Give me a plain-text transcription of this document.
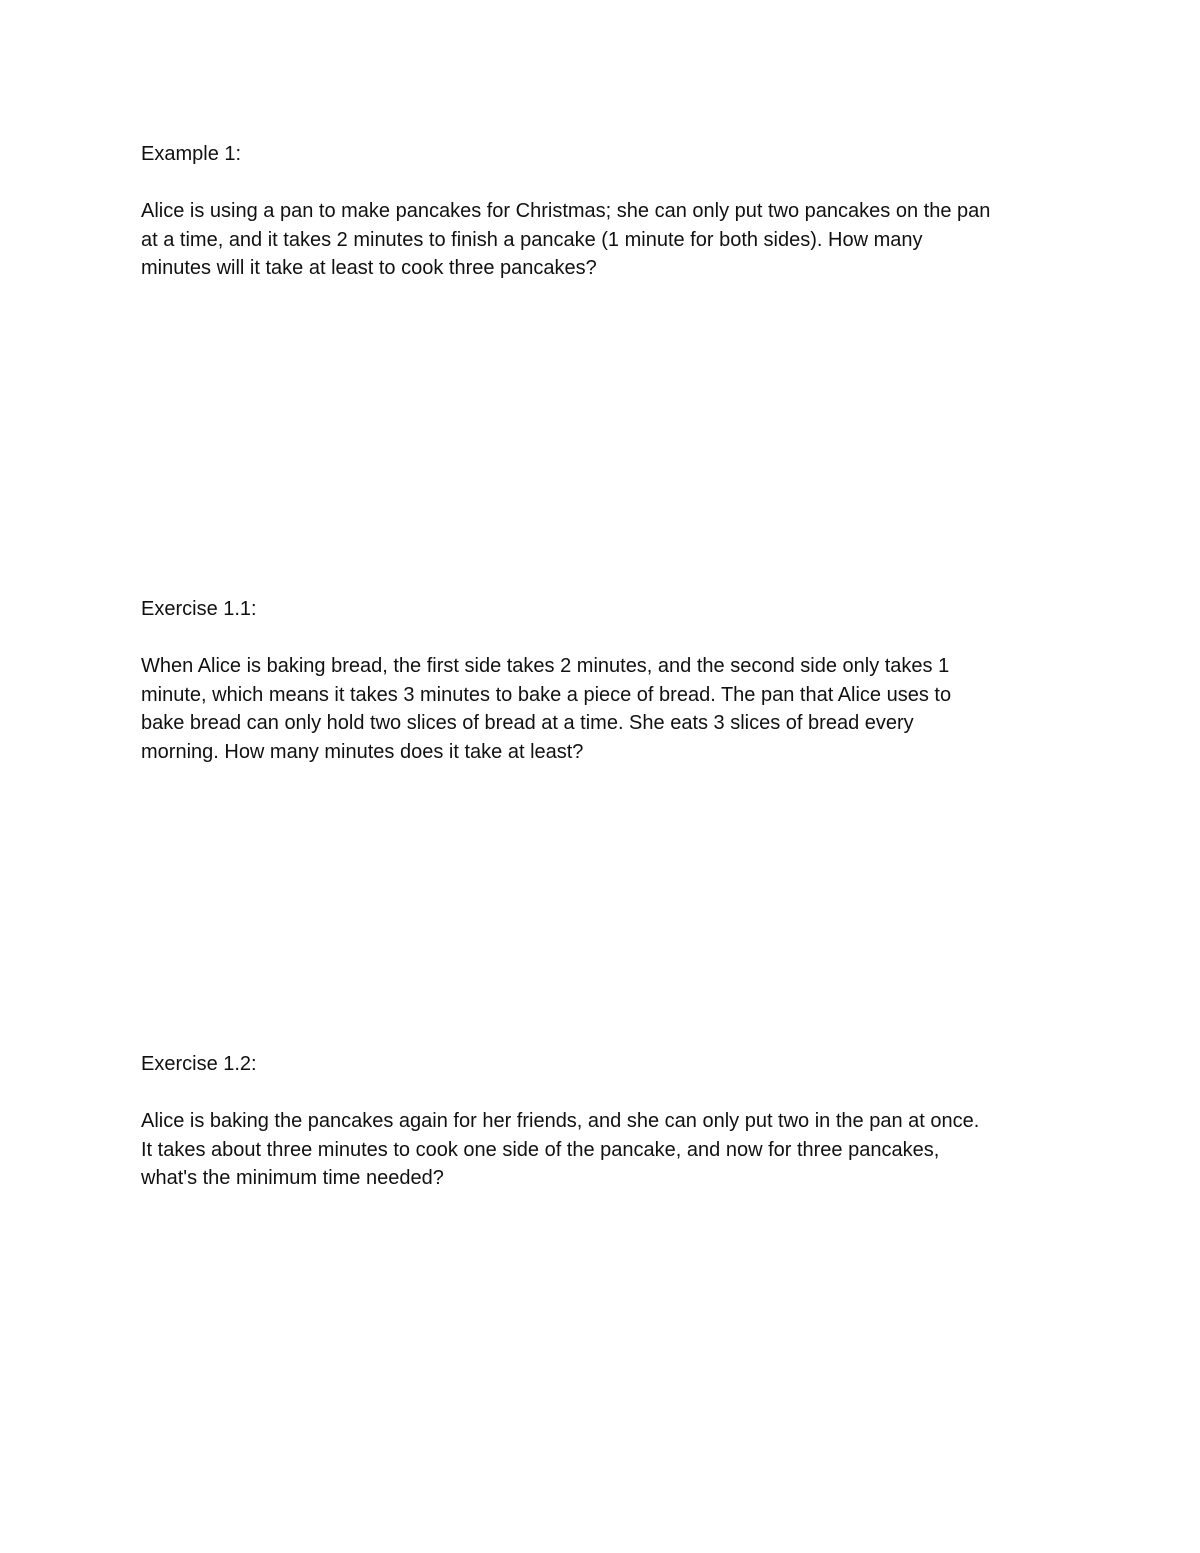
Example 1:

Alice is using a pan to make pancakes for Christmas; she can only put two pancakes on the pan

at a time, and it takes 2 minutes to finish a pancake (1 minute for both sides). How many

minutes will it take at least to cook three pancakes?

Exercise 1.1:

When Alice is baking bread, the first side takes 2 minutes, and the second side only takes 1

minute, which means it takes 3 minutes to bake a piece of bread. The pan that Alice uses to

bake bread can only hold two slices of bread at a time. She eats 3 slices of bread every

morning. How many minutes does it take at least?

Exercise 1.2:

Alice is baking the pancakes again for her friends, and she can only put two in the pan at once.

It takes about three minutes to cook one side of the pancake, and now for three pancakes,

what's the minimum time needed?
